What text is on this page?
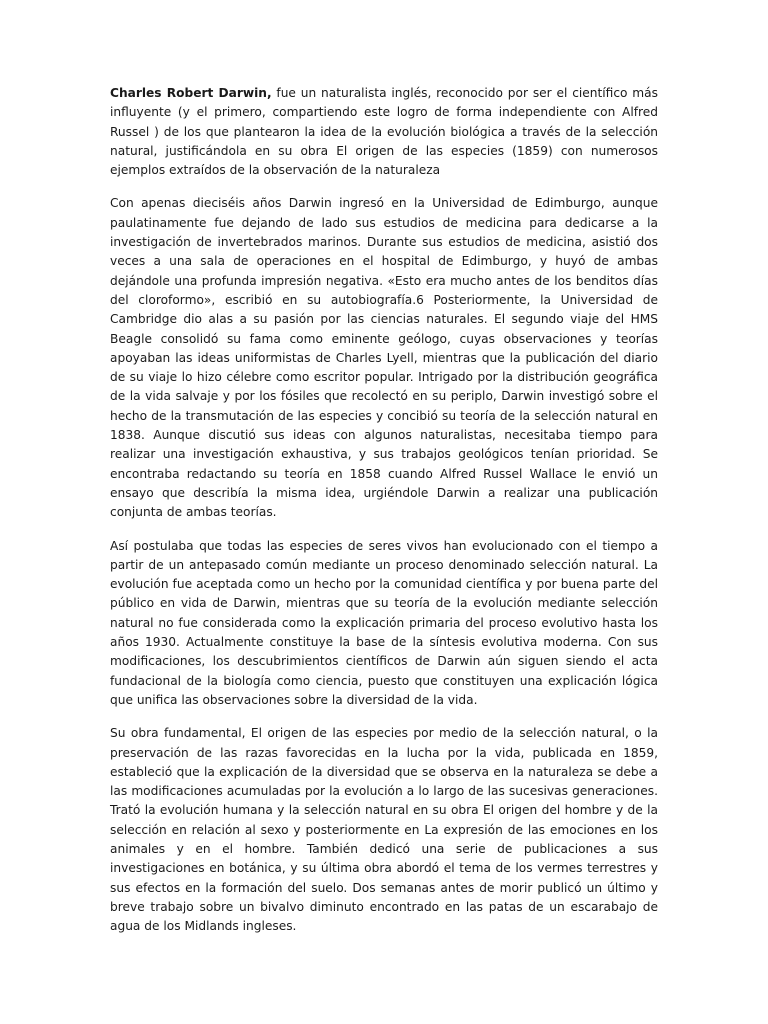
Charles Robert Darwin, fue un naturalista inglés, reconocido por ser el científico más influyente (y el primero, compartiendo este logro de forma independiente con Alfred Russel ) de los que plantearon la idea de la evolución biológica a través de la selección natural, justificándola en su obra El origen de las especies (1859) con numerosos ejemplos extraídos de la observación de la naturaleza

Con apenas dieciséis años Darwin ingresó en la Universidad de Edimburgo, aunque paulatinamente fue dejando de lado sus estudios de medicina para dedicarse a la investigación de invertebrados marinos. Durante sus estudios de medicina, asistió dos veces a una sala de operaciones en el hospital de Edimburgo, y huyó de ambas dejándole una profunda impresión negativa. «Esto era mucho antes de los benditos días del cloroformo», escribió en su autobiografía.6 Posteriormente, la Universidad de Cambridge dio alas a su pasión por las ciencias naturales. El segundo viaje del HMS Beagle consolidó su fama como eminente geólogo, cuyas observaciones y teorías apoyaban las ideas uniformistas de Charles Lyell, mientras que la publicación del diario de su viaje lo hizo célebre como escritor popular. Intrigado por la distribución geográfica de la vida salvaje y por los fósiles que recolectó en su periplo, Darwin investigó sobre el hecho de la transmutación de las especies y concibió su teoría de la selección natural en 1838. Aunque discutió sus ideas con algunos naturalistas, necesitaba tiempo para realizar una investigación exhaustiva, y sus trabajos geológicos tenían prioridad. Se encontraba redactando su teoría en 1858 cuando Alfred Russel Wallace le envió un ensayo que describía la misma idea, urgiéndole Darwin a realizar una publicación conjunta de ambas teorías.

Así postulaba que todas las especies de seres vivos han evolucionado con el tiempo a partir de un antepasado común mediante un proceso denominado selección natural. La evolución fue aceptada como un hecho por la comunidad científica y por buena parte del público en vida de Darwin, mientras que su teoría de la evolución mediante selección natural no fue considerada como la explicación primaria del proceso evolutivo hasta los años 1930. Actualmente constituye la base de la síntesis evolutiva moderna. Con sus modificaciones, los descubrimientos científicos de Darwin aún siguen siendo el acta fundacional de la biología como ciencia, puesto que constituyen una explicación lógica que unifica las observaciones sobre la diversidad de la vida.

Su obra fundamental, El origen de las especies por medio de la selección natural, o la preservación de las razas favorecidas en la lucha por la vida, publicada en 1859, estableció que la explicación de la diversidad que se observa en la naturaleza se debe a las modificaciones acumuladas por la evolución a lo largo de las sucesivas generaciones. Trató la evolución humana y la selección natural en su obra El origen del hombre y de la selección en relación al sexo y posteriormente en La expresión de las emociones en los animales y en el hombre. También dedicó una serie de publicaciones a sus investigaciones en botánica, y su última obra abordó el tema de los vermes terrestres y sus efectos en la formación del suelo. Dos semanas antes de morir publicó un último y breve trabajo sobre un bivalvo diminuto encontrado en las patas de un escarabajo de agua de los Midlands ingleses.
